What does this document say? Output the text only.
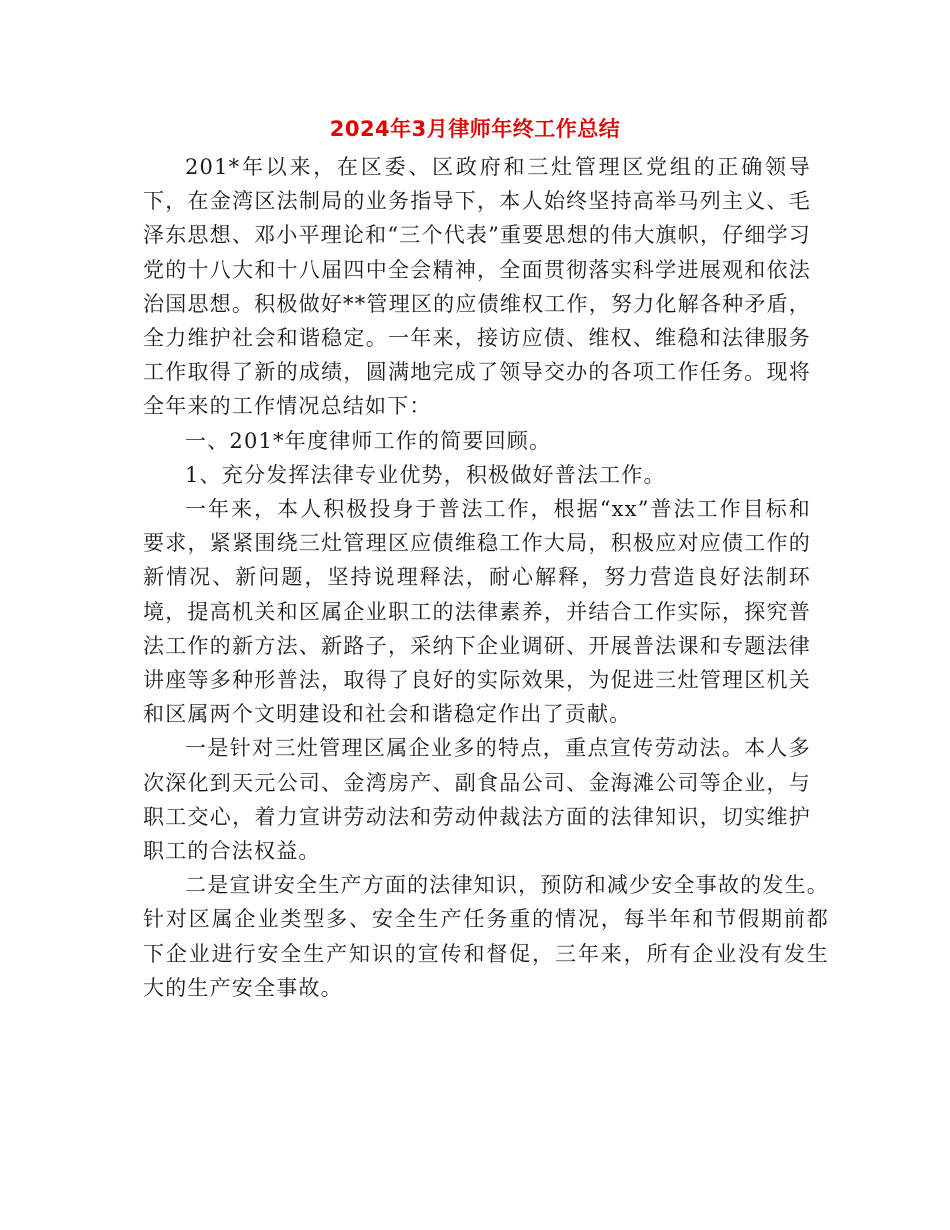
2024年3月律师年终工作总结

201*年以来，在区委、区政府和三灶管理区党组的正确领导下，在金湾区法制局的业务指导下，本人始终坚持高举马列主义、毛泽东思想、邓小平理论和“三个代表”重要思想的伟大旗帜，仔细学习党的十八大和十八届四中全会精神，全面贯彻落实科学进展观和依法治国思想。积极做好**管理区的应债维权工作，努力化解各种矛盾，全力维护社会和谐稳定。一年来，接访应债、维权、维稳和法律服务工作取得了新的成绩，圆满地完成了领导交办的各项工作任务。现将全年来的工作情况总结如下：

一、201*年度律师工作的简要回顾。

1、充分发挥法律专业优势，积极做好普法工作。

一年来，本人积极投身于普法工作，根据“xx”普法工作目标和要求，紧紧围绕三灶管理区应债维稳工作大局，积极应对应债工作的新情况、新问题，坚持说理释法，耐心解释，努力营造良好法制环境，提高机关和区属企业职工的法律素养，并结合工作实际，探究普法工作的新方法、新路子，采纳下企业调研、开展普法课和专题法律讲座等多种形普法，取得了良好的实际效果，为促进三灶管理区机关和区属两个文明建设和社会和谐稳定作出了贡献。

一是针对三灶管理区属企业多的特点，重点宣传劳动法。本人多次深化到天元公司、金湾房产、副食品公司、金海滩公司等企业，与职工交心，着力宣讲劳动法和劳动仲裁法方面的法律知识，切实维护职工的合法权益。

二是宣讲安全生产方面的法律知识，预防和减少安全事故的发生。针对区属企业类型多、安全生产任务重的情况，每半年和节假期前都下企业进行安全生产知识的宣传和督促，三年来，所有企业没有发生大的生产安全事故。
